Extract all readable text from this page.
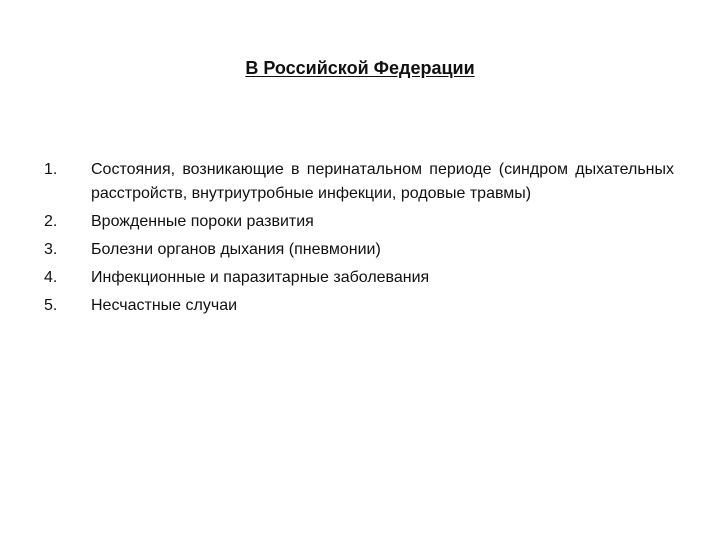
В Российской Федерации
1.	Состояния, возникающие в перинатальном периоде (синдром дыхательных расстройств, внутриутробные инфекции, родовые травмы)
2.	Врожденные пороки развития
3.	Болезни органов дыхания (пневмонии)
4.	Инфекционные и паразитарные заболевания
5.	Несчастные случаи
